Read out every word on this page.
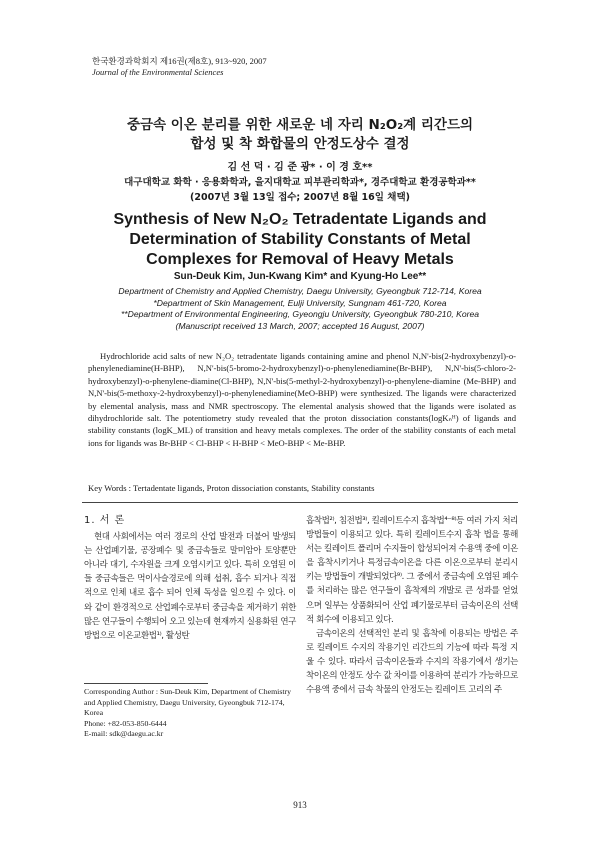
한국환경과학회지 제16권(제8호), 913~920, 2007
Journal of the Environmental Sciences
중금속 이온 분리를 위한 새로운 네 자리 N₂O₂계 리간드의
합성 및 착 화합물의 안정도상수 결정
김 선 덕 · 김 준 광* · 이 경 호**
대구대학교 화학 · 응용화학과, 을지대학교 피부관리학과*, 경주대학교 환경공학과**
(2007년 3월 13일 접수; 2007년 8월 16일 채택)
Synthesis of New N₂O₂ Tetradentate Ligands and
Determination of Stability Constants of Metal
Complexes for Removal of Heavy Metals
Sun-Deuk Kim, Jun-Kwang Kim* and Kyung-Ho Lee**
Department of Chemistry and Applied Chemistry, Daegu University, Gyeongbuk 712-714, Korea
*Department of Skin Management, Eulji University, Sungnam 461-720, Korea
**Department of Environmental Engineering, Gyeongju University, Gyeongbuk 780-210, Korea
(Manuscript received 13 March, 2007; accepted 16 August, 2007)

Hydrochloride acid salts of new N₂O₂ tetradentate ligands containing amine and phenol N,N'-bis(2-hydroxybenzyl)-o-phenylenediamine(H-BHP), N,N'-bis(5-bromo-2-hydroxybenzyl)-o-phenylenediamine(Br-BHP), N,N'-bis(5-chloro-2-hydroxybenzyl)-o-phenylene-diamine(Cl-BHP), N,N'-bis(5-methyl-2-hydroxybenzyl)-o-phenylene-diamine (Me-BHP) and N,N'-bis(5-methoxy-2-hydroxybenzyl)-o-phenylenediamine(MeO-BHP) were synthesized. The ligands were characterized by elemental analysis, mass and NMR spectroscopy. The elemental analysis showed that the ligands were isolated as dihydrochloride salt. The potentiometry study revealed that the proton dissociation constants(logKₙᴴ) of ligands and stability constants (logK_ML) of transition and heavy metals complexes. The order of the stability constants of each metal ions for ligands was Br-BHP < Cl-BHP < H-BHP < MeO-BHP < Me-BHP.

Key Words : Tertadentate ligands, Proton dissociation constants, Stability constants
1. 서 론

현대 사회에서는 여러 경로의 산업 발전과 더불어 발생되는 산업폐기물, 공장폐수 및 중금속들로 말미암아 토양뿐만 아니라 대기, 수자원을 크게 오염시키고 있다. 특히 오염된 이들 중금속들은 먹이사슬경로에 의해 섭취, 흡수 되거나 직접적으로 인체 내로 흡수 되어 인체 독성을 일으킬 수 있다. 이와 같이 환경적으로 산업폐수로부터 중금속을 제거하기 위한 많은 연구들이 수행되어 오고 있는데 현재까지 실용화된 연구방법으로 이온교환법¹⁾, 활성탄

흡착법²⁾, 침전법³⁾, 킬레이트수지 흡착법⁴⁻⁸⁾등 여러 가지 처리방법들이 이용되고 있다. 특히 킬레이트수지 흡착 법을 통해서는 킬레이트 폴리머 수지들이 합성되어져 수용액 중에 이온을 흡착시키거나 특정금속이온을 다른 이온으로부터 분리시키는 방법들이 개발되었다⁹⁾. 그 중에서 중금속에 오염된 폐수를 처리하는 많은 연구들이 흡착제의 개발로 큰 성과를 얻었으며 일부는 상품화되어 산업 폐기물로부터 금속이온의 선택적 회수에 이용되고 있다.

금속이온의 선택적인 분리 및 흡착에 이용되는 방법은 주로 킬레이트 수지의 작용기인 리간드의 기능에 따라 특정 지울 수 있다. 따라서 금속이온들과 수지의 작용기에서 생기는 착이온의 안정도 상수 값 차이를 이용하여 분리가 가능하므로 수용액 중에서 금속 착물의 안정도는 킬레이트 고리의 주

Corresponding Author : Sun-Deuk Kim, Department of Chemistry and Applied Chemistry, Daegu University, Gyeongbuk 712-174, Korea
Phone: +82-053-850-6444
E-mail: sdk@daegu.ac.kr
913
